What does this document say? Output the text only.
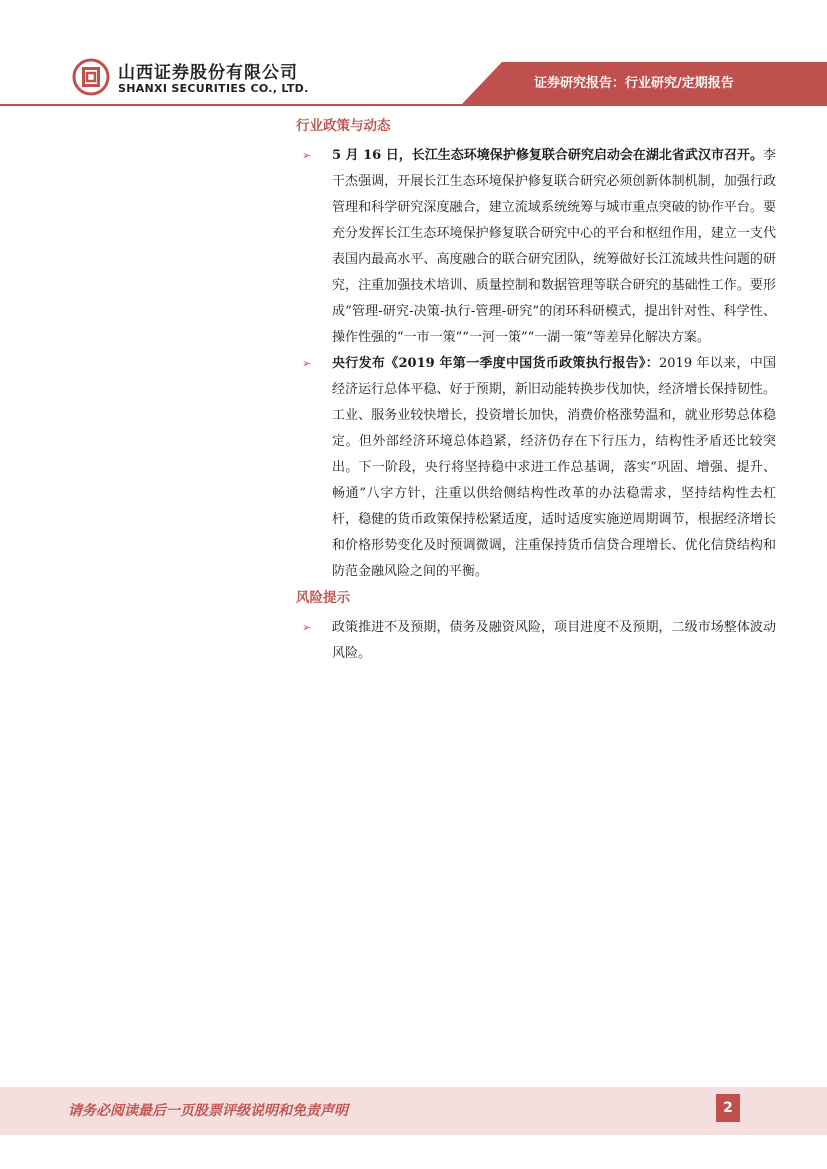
山西证券股份有限公司
SHANXI SECURITIES CO., LTD.	证券研究报告：行业研究/定期报告
行业政策与动态
➢ 5 月 16 日，长江生态环境保护修复联合研究启动会在湖北省武汉市召开。李干杰强调，开展长江生态环境保护修复联合研究必须创新体制机制，加强行政管理和科学研究深度融合，建立流域系统统筹与城市重点突破的协作平台。要充分发挥长江生态环境保护修复联合研究中心的平台和枢纽作用，建立一支代表国内最高水平、高度融合的联合研究团队，统筹做好长江流域共性问题的研究，注重加强技术培训、质量控制和数据管理等联合研究的基础性工作。要形成“管理-研究-决策-执行-管理-研究”的闭环科研模式，提出针对性、科学性、操作性强的“一市一策”“一河一策”“一湖一策”等差异化解决方案。
➢ 央行发布《2019 年第一季度中国货币政策执行报告》：2019 年以来，中国经济运行总体平稳、好于预期，新旧动能转换步伐加快，经济增长保持韧性。工业、服务业较快增长，投资增长加快，消费价格涨势温和，就业形势总体稳定。但外部经济环境总体趋紧，经济仍存在下行压力，结构性矛盾还比较突出。下一阶段，央行将坚持稳中求进工作总基调，落实“巩固、增强、提升、畅通”八字方针，注重以供给侧结构性改革的办法稳需求，坚持结构性去杠杆，稳健的货币政策保持松紧适度，适时适度实施逆周期调节，根据经济增长和价格形势变化及时预调微调，注重保持货币信贷合理增长、优化信贷结构和防范金融风险之间的平衡。
风险提示
➢ 政策推进不及预期，债务及融资风险，项目进度不及预期，二级市场整体波动风险。
请务必阅读最后一页股票评级说明和免责声明	2
